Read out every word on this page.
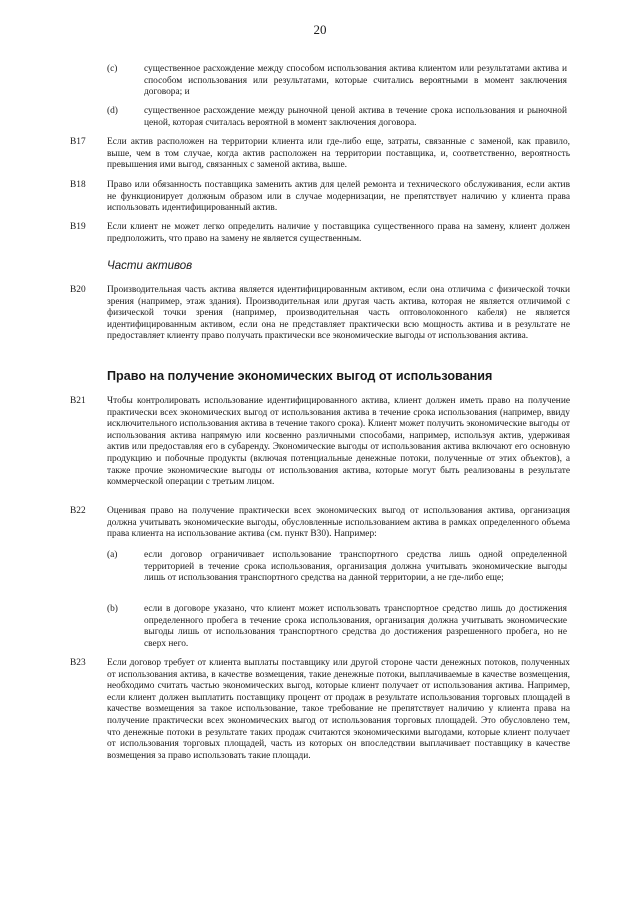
20
(c)	существенное расхождение между способом использования актива клиентом или результатами актива и способом использования или результатами, которые считались вероятными в момент заключения договора; и
(d)	существенное расхождение между рыночной ценой актива в течение срока использования и рыночной ценой, которая считалась вероятной в момент заключения договора.
B17 Если актив расположен на территории клиента или где-либо еще, затраты, связанные с заменой, как правило, выше, чем в том случае, когда актив расположен на территории поставщика, и, соответственно, вероятность превышения ими выгод, связанных с заменой актива, выше.
B18 Право или обязанность поставщика заменить актив для целей ремонта и технического обслуживания, если актив не функционирует должным образом или в случае модернизации, не препятствует наличию у клиента права использовать идентифицированный актив.
B19 Если клиент не может легко определить наличие у поставщика существенного права на замену, клиент должен предположить, что право на замену не является существенным.
Части активов
B20 Производительная часть актива является идентифицированным активом, если она отличима с физической точки зрения (например, этаж здания). Производительная или другая часть актива, которая не является отличимой с физической точки зрения (например, производительная часть оптоволоконного кабеля) не является идентифицированным активом, если она не представляет практически всю мощность актива и в результате не предоставляет клиенту право получать практически все экономические выгоды от использования актива.
Право на получение экономических выгод от использования
B21 Чтобы контролировать использование идентифицированного актива, клиент должен иметь право на получение практически всех экономических выгод от использования актива в течение срока использования (например, ввиду исключительного использования актива в течение такого срока). Клиент может получить экономические выгоды от использования актива напрямую или косвенно различными способами, например, используя актив, удерживая актив или предоставляя его в субаренду. Экономические выгоды от использования актива включают его основную продукцию и побочные продукты (включая потенциальные денежные потоки, полученные от этих объектов), а также прочие экономические выгоды от использования актива, которые могут быть реализованы в результате коммерческой операции с третьим лицом.
B22 Оценивая право на получение практически всех экономических выгод от использования актива, организация должна учитывать экономические выгоды, обусловленные использованием актива в рамках определенного объема права клиента на использование актива (см. пункт B30). Например:
(a)	если договор ограничивает использование транспортного средства лишь одной определенной территорией в течение срока использования, организация должна учитывать экономические выгоды лишь от использования транспортного средства на данной территории, а не где-либо еще;
(b)	если в договоре указано, что клиент может использовать транспортное средство лишь до достижения определенного пробега в течение срока использования, организация должна учитывать экономические выгоды лишь от использования транспортного средства до достижения разрешенного пробега, но не сверх него.
B23 Если договор требует от клиента выплаты поставщику или другой стороне части денежных потоков, полученных от использования актива, в качестве возмещения, такие денежные потоки, выплачиваемые в качестве возмещения, необходимо считать частью экономических выгод, которые клиент получает от использования актива. Например, если клиент должен выплатить поставщику процент от продаж в результате использования торговых площадей в качестве возмещения за такое использование, такое требование не препятствует наличию у клиента права на получение практически всех экономических выгод от использования торговых площадей. Это обусловлено тем, что денежные потоки в результате таких продаж считаются экономическими выгодами, которые клиент получает от использования торговых площадей, часть из которых он впоследствии выплачивает поставщику в качестве возмещения за право использовать такие площади.
